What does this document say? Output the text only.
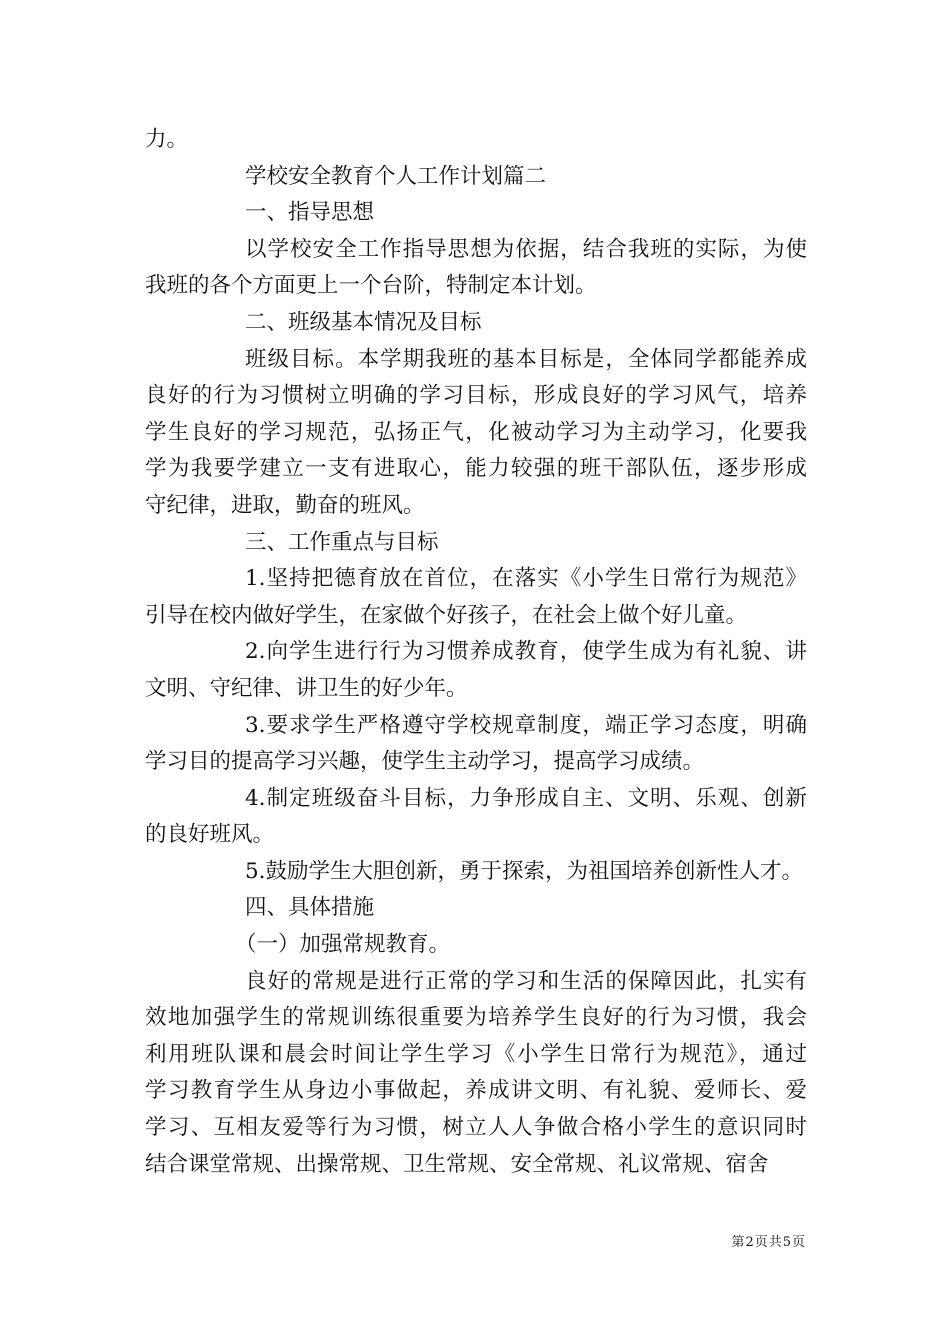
力。
学校安全教育个人工作计划篇二
一、指导思想
以学校安全工作指导思想为依据，结合我班的实际，为使
我班的各个方面更上一个台阶，特制定本计划。
二、班级基本情况及目标
班级目标。本学期我班的基本目标是，全体同学都能养成
良好的行为习惯树立明确的学习目标，形成良好的学习风气，培养
学生良好的学习规范，弘扬正气，化被动学习为主动学习，化要我
学为我要学建立一支有进取心，能力较强的班干部队伍，逐步形成
守纪律，进取，勤奋的班风。
三、工作重点与目标
1.坚持把德育放在首位，在落实《小学生日常行为规范》
引导在校内做好学生，在家做个好孩子，在社会上做个好儿童。
2.向学生进行行为习惯养成教育，使学生成为有礼貌、讲
文明、守纪律、讲卫生的好少年。
3.要求学生严格遵守学校规章制度，端正学习态度，明确
学习目的提高学习兴趣，使学生主动学习，提高学习成绩。
4.制定班级奋斗目标，力争形成自主、文明、乐观、创新
的良好班风。
5.鼓励学生大胆创新，勇于探索，为祖国培养创新性人才。
四、具体措施
（一）加强常规教育。
良好的常规是进行正常的学习和生活的保障因此，扎实有
效地加强学生的常规训练很重要为培养学生良好的行为习惯，我会
利用班队课和晨会时间让学生学习《小学生日常行为规范》，通过
学习教育学生从身边小事做起，养成讲文明、有礼貌、爱师长、爱
学习、互相友爱等行为习惯，树立人人争做合格小学生的意识同时
结合课堂常规、出操常规、卫生常规、安全常规、礼议常规、宿舍
第2页共5页
